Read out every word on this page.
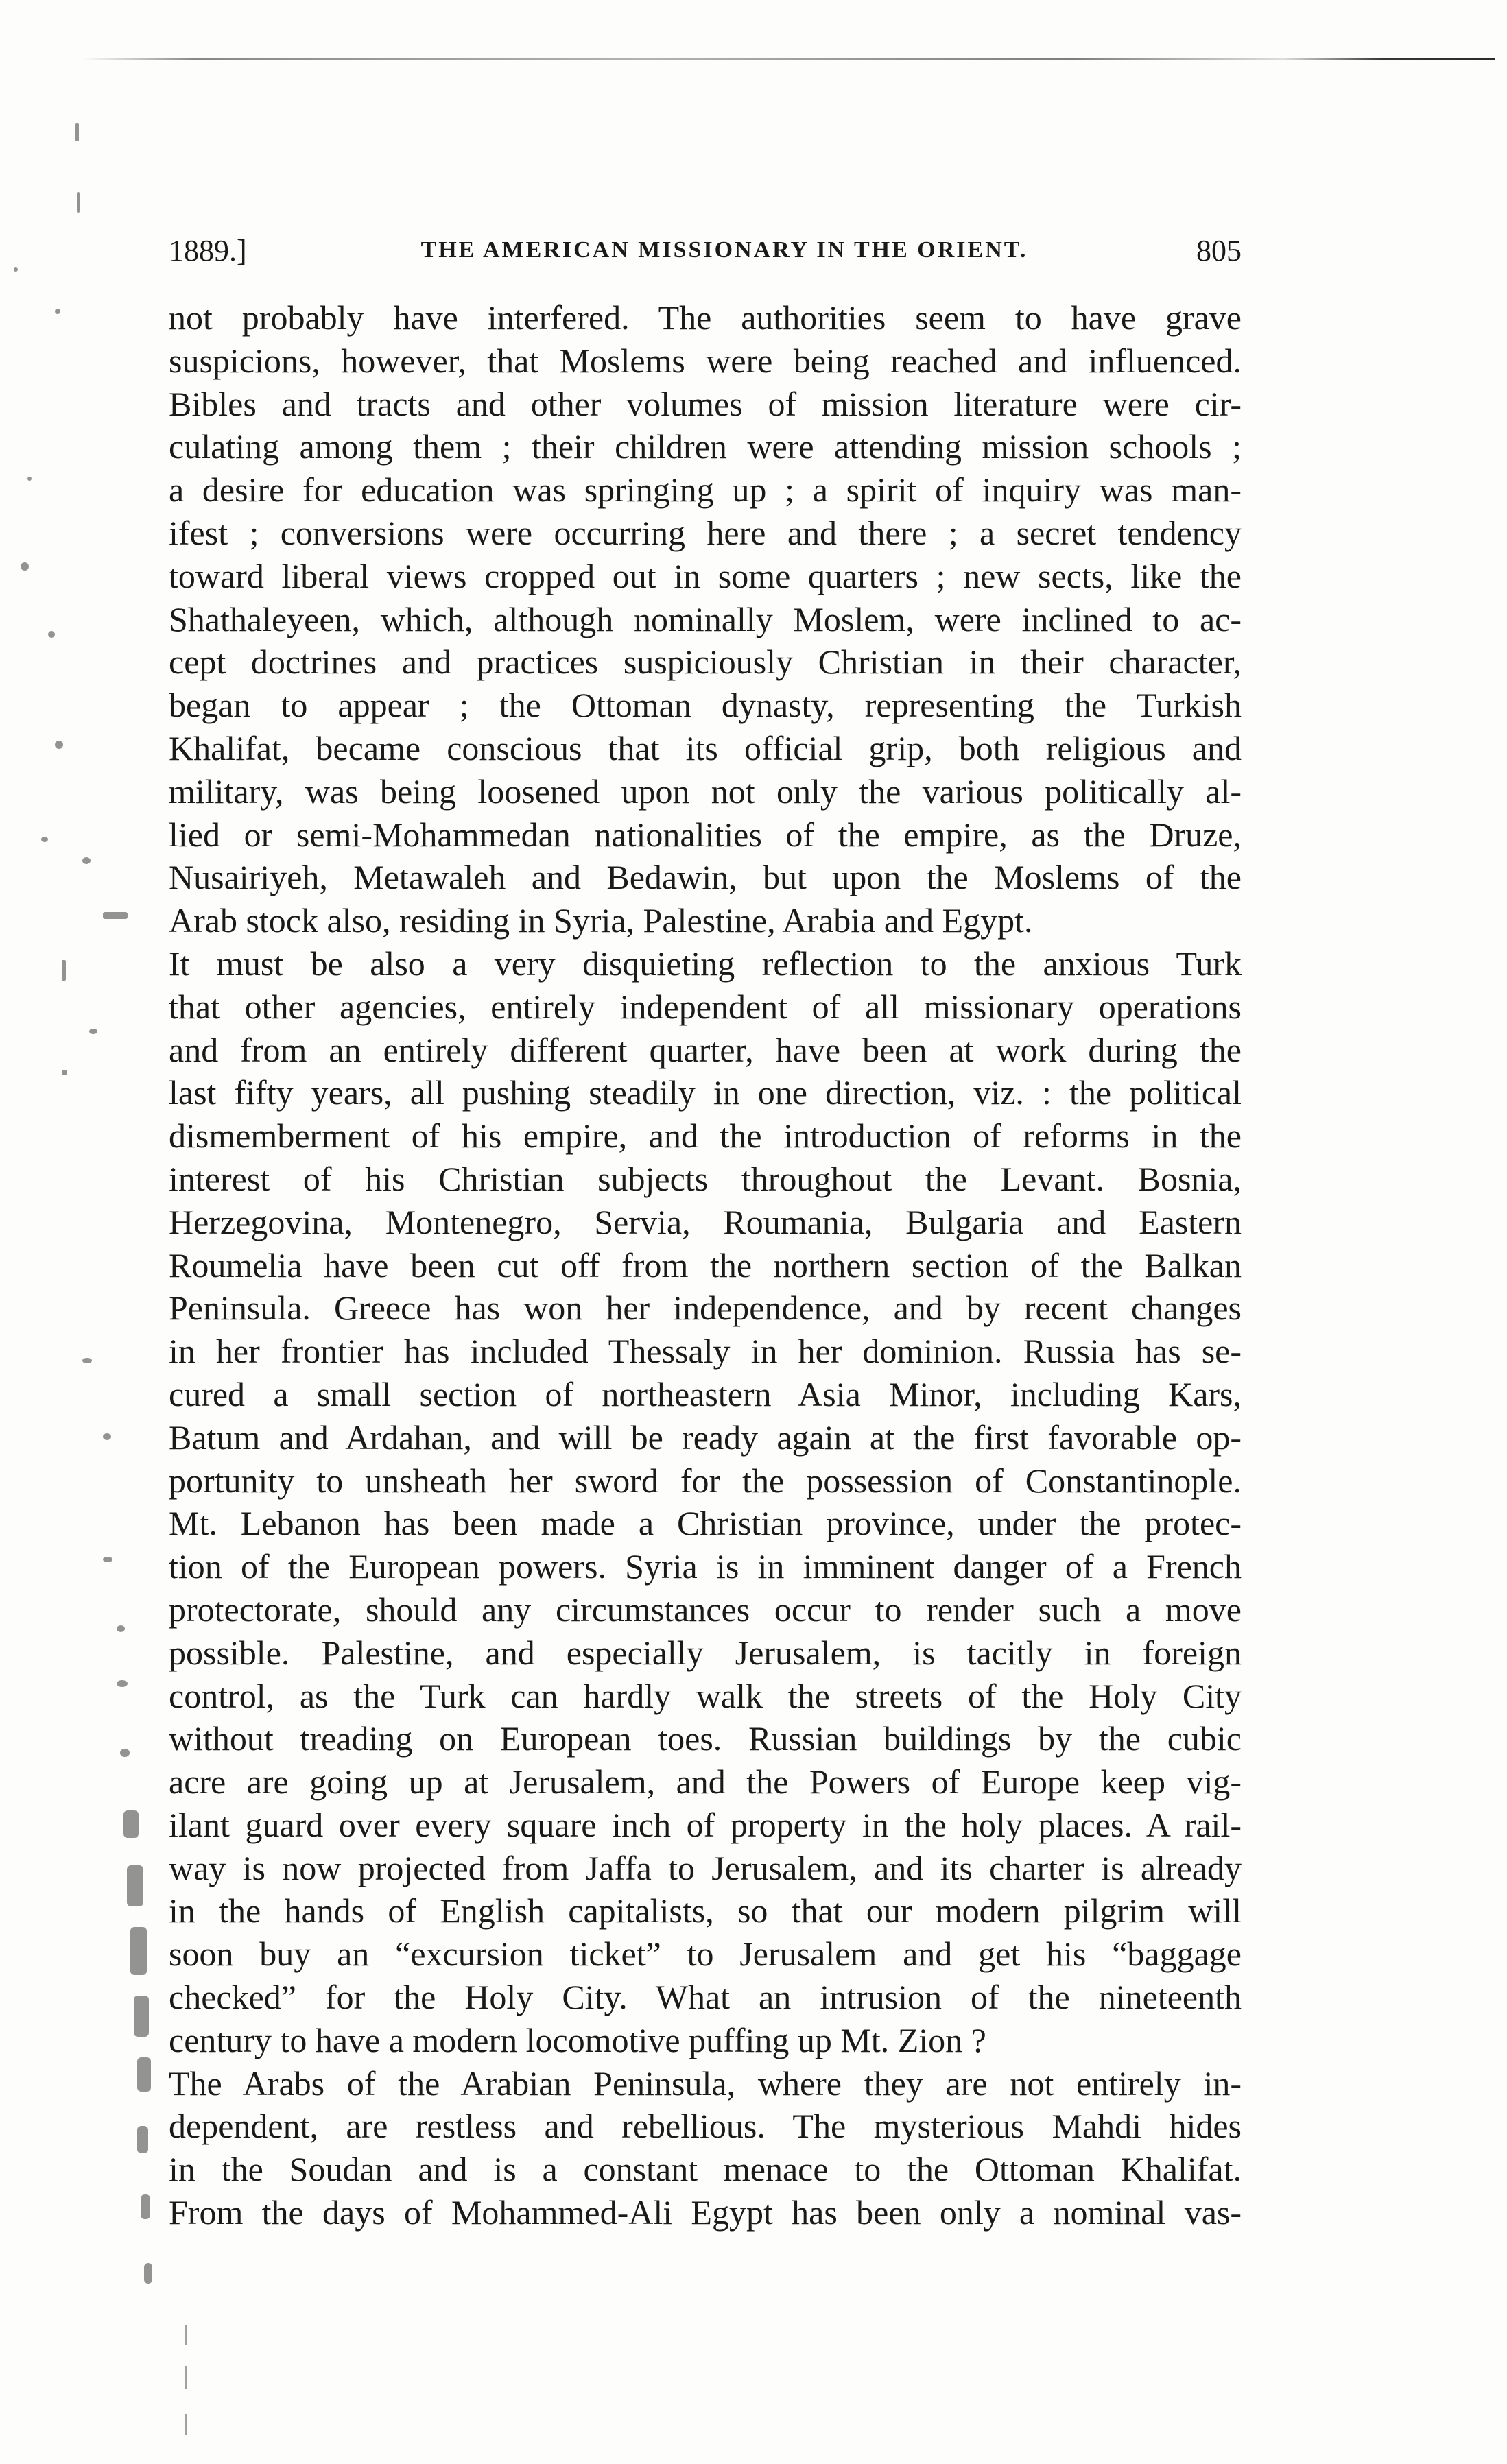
1889.]	THE AMERICAN MISSIONARY IN THE ORIENT.	805
not probably have interfered. The authorities seem to have grave
suspicions, however, that Moslems were being reached and influenced.
Bibles and tracts and other volumes of mission literature were cir-
culating among them ; their children were attending mission schools ;
a desire for education was springing up ; a spirit of inquiry was man-
ifest ; conversions were occurring here and there ; a secret tendency
toward liberal views cropped out in some quarters ; new sects, like the
Shathaleyeen, which, although nominally Moslem, were inclined to ac-
cept doctrines and practices suspiciously Christian in their character,
began to appear ; the Ottoman dynasty, representing the Turkish
Khalifat, became conscious that its official grip, both religious and
military, was being loosened upon not only the various politically al-
lied or semi-Mohammedan nationalities of the empire, as the Druze,
Nusairiyeh, Metawaleh and Bedawin, but upon the Moslems of the
Arab stock also, residing in Syria, Palestine, Arabia and Egypt.
It must be also a very disquieting reflection to the anxious Turk
that other agencies, entirely independent of all missionary operations
and from an entirely different quarter, have been at work during the
last fifty years, all pushing steadily in one direction, viz. : the political
dismemberment of his empire, and the introduction of reforms in the
interest of his Christian subjects throughout the Levant. Bosnia,
Herzegovina, Montenegro, Servia, Roumania, Bulgaria and Eastern
Roumelia have been cut off from the northern section of the Balkan
Peninsula. Greece has won her independence, and by recent changes
in her frontier has included Thessaly in her dominion. Russia has se-
cured a small section of northeastern Asia Minor, including Kars,
Batum and Ardahan, and will be ready again at the first favorable op-
portunity to unsheath her sword for the possession of Constantinople.
Mt. Lebanon has been made a Christian province, under the protec-
tion of the European powers. Syria is in imminent danger of a French
protectorate, should any circumstances occur to render such a move
possible. Palestine, and especially Jerusalem, is tacitly in foreign
control, as the Turk can hardly walk the streets of the Holy City
without treading on European toes. Russian buildings by the cubic
acre are going up at Jerusalem, and the Powers of Europe keep vig-
ilant guard over every square inch of property in the holy places. A rail-
way is now projected from Jaffa to Jerusalem, and its charter is already
in the hands of English capitalists, so that our modern pilgrim will
soon buy an “excursion ticket” to Jerusalem and get his “baggage
checked” for the Holy City. What an intrusion of the nineteenth
century to have a modern locomotive puffing up Mt. Zion ?
The Arabs of the Arabian Peninsula, where they are not entirely in-
dependent, are restless and rebellious. The mysterious Mahdi hides
in the Soudan and is a constant menace to the Ottoman Khalifat.
From the days of Mohammed-Ali Egypt has been only a nominal vas-
